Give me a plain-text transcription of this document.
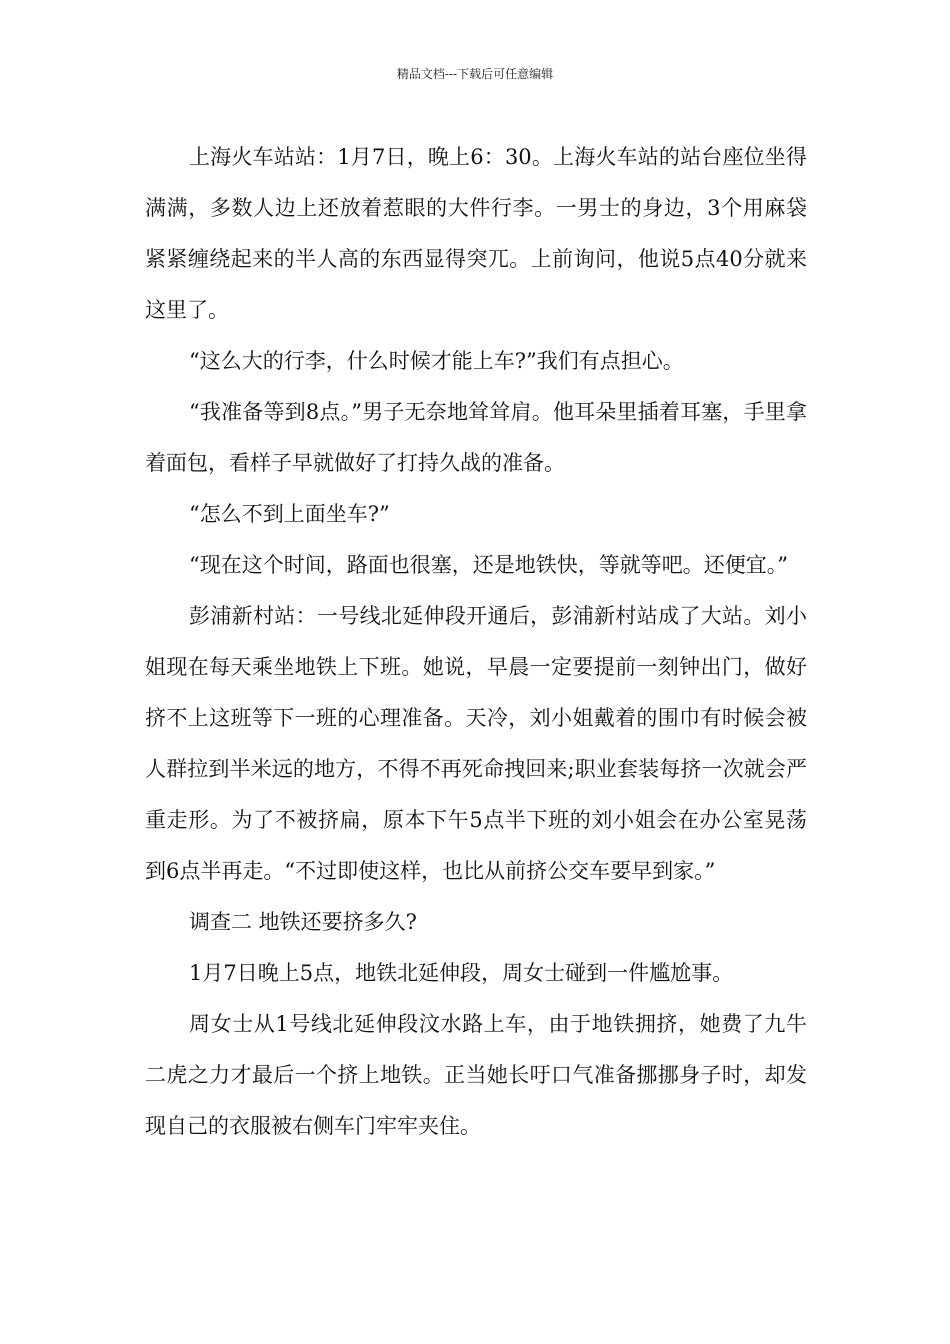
精品文档---下载后可任意编辑

上海火车站站：1月7日，晚上6：30。上海火车站的站台座位坐得满满，多数人边上还放着惹眼的大件行李。一男士的身边，3个用麻袋紧紧缠绕起来的半人高的东西显得突兀。上前询问，他说5点40分就来这里了。

“这么大的行李，什么时候才能上车?”我们有点担心。

“我准备等到8点。”男子无奈地耸耸肩。他耳朵里插着耳塞，手里拿着面包，看样子早就做好了打持久战的准备。

“怎么不到上面坐车?”

“现在这个时间，路面也很塞，还是地铁快，等就等吧。还便宜。”

彭浦新村站：一号线北延伸段开通后，彭浦新村站成了大站。刘小姐现在每天乘坐地铁上下班。她说，早晨一定要提前一刻钟出门，做好挤不上这班等下一班的心理准备。天冷，刘小姐戴着的围巾有时候会被人群拉到半米远的地方，不得不再死命拽回来;职业套装每挤一次就会严重走形。为了不被挤扁，原本下午5点半下班的刘小姐会在办公室晃荡到6点半再走。“不过即使这样，也比从前挤公交车要早到家。”

调查二 地铁还要挤多久?

1月7日晚上5点，地铁北延伸段，周女士碰到一件尴尬事。

周女士从1号线北延伸段汶水路上车，由于地铁拥挤，她费了九牛二虎之力才最后一个挤上地铁。正当她长吁口气准备挪挪身子时，却发现自己的衣服被右侧车门牢牢夹住。
